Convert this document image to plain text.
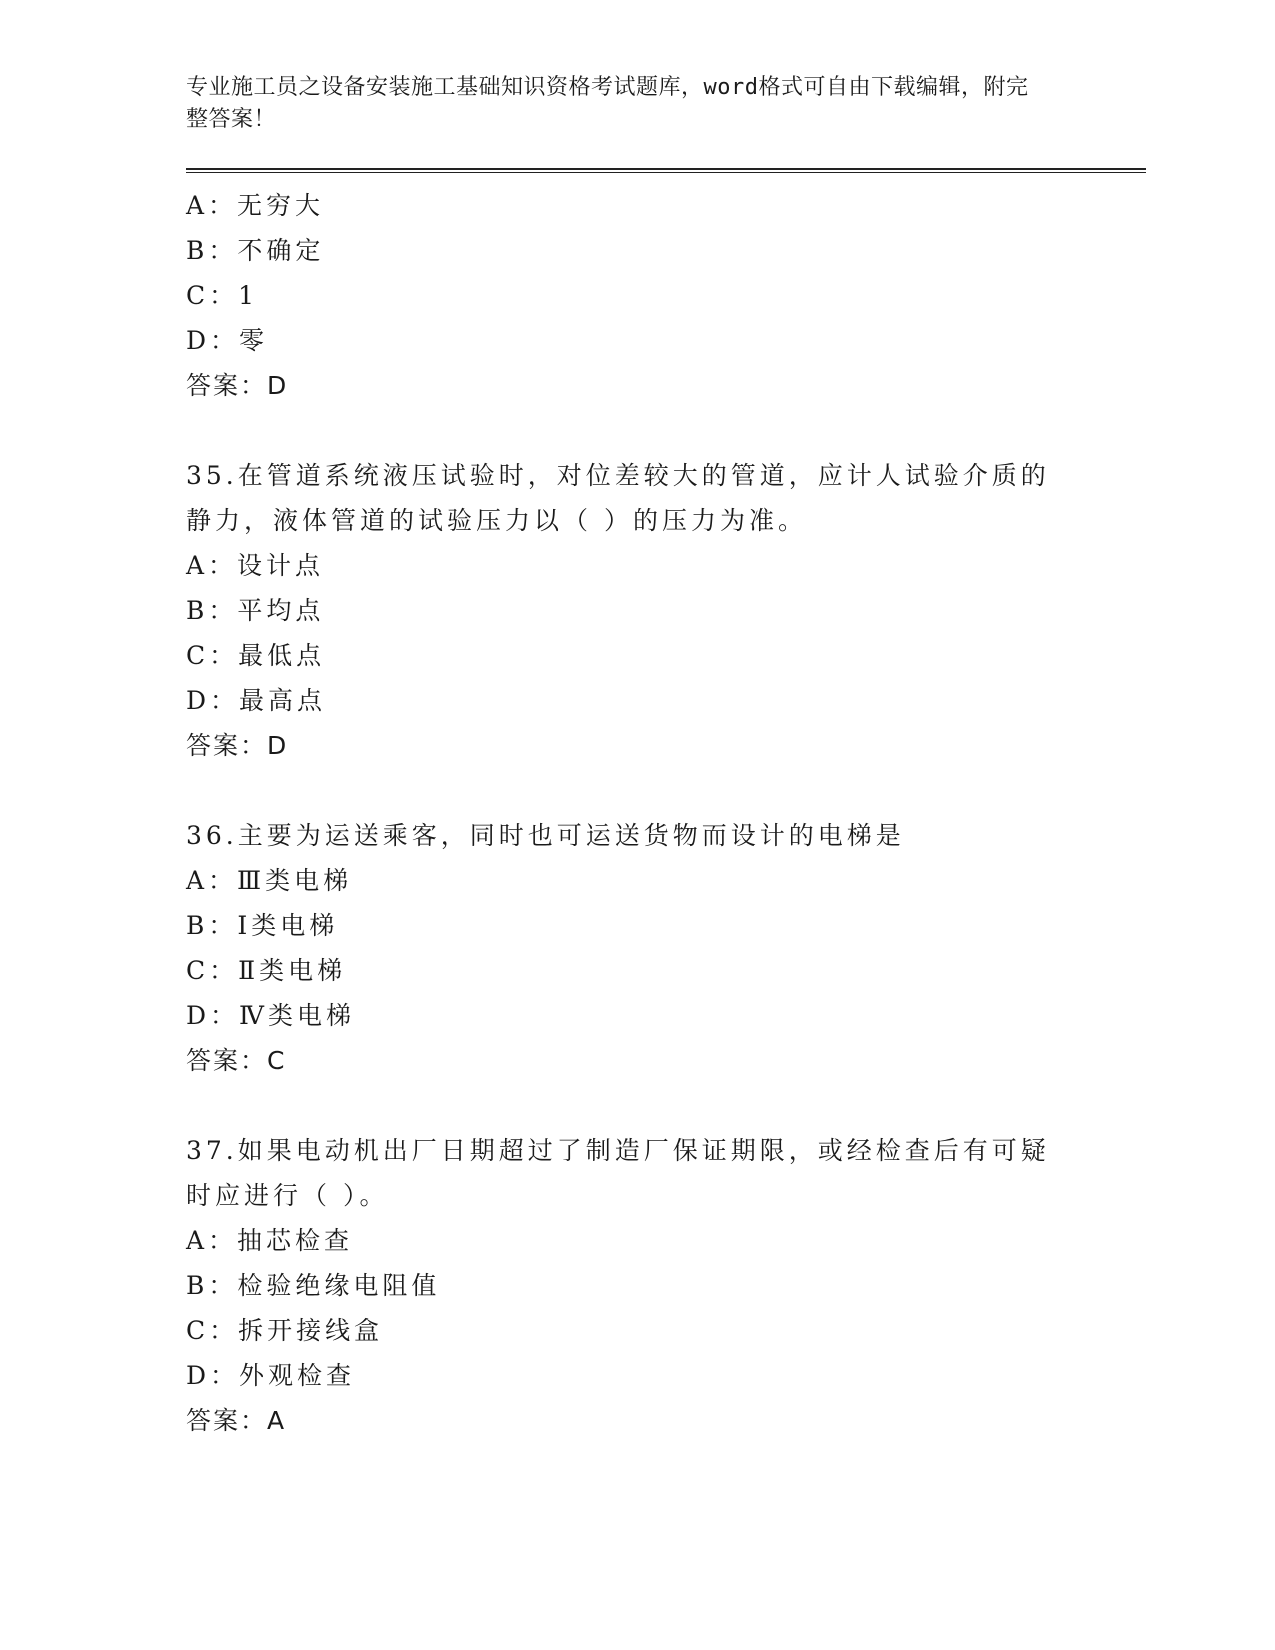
专业施工员之设备安装施工基础知识资格考试题库，word格式可自由下载编辑，附完整答案！
A：无穷大
B：不确定
C：1
D：零
答案：D
35.在管道系统液压试验时，对位差较大的管道，应计人试验介质的静力，液体管道的试验压力以（ ）的压力为准。
A：设计点
B：平均点
C：最低点
D：最高点
答案：D
36.主要为运送乘客，同时也可运送货物而设计的电梯是
A：Ⅲ类电梯
B：Ⅰ类电梯
C：Ⅱ类电梯
D：Ⅳ类电梯
答案：C
37.如果电动机出厂日期超过了制造厂保证期限，或经检查后有可疑时应进行（ ）。
A：抽芯检查
B：检验绝缘电阻值
C：拆开接线盒
D：外观检查
答案：A
